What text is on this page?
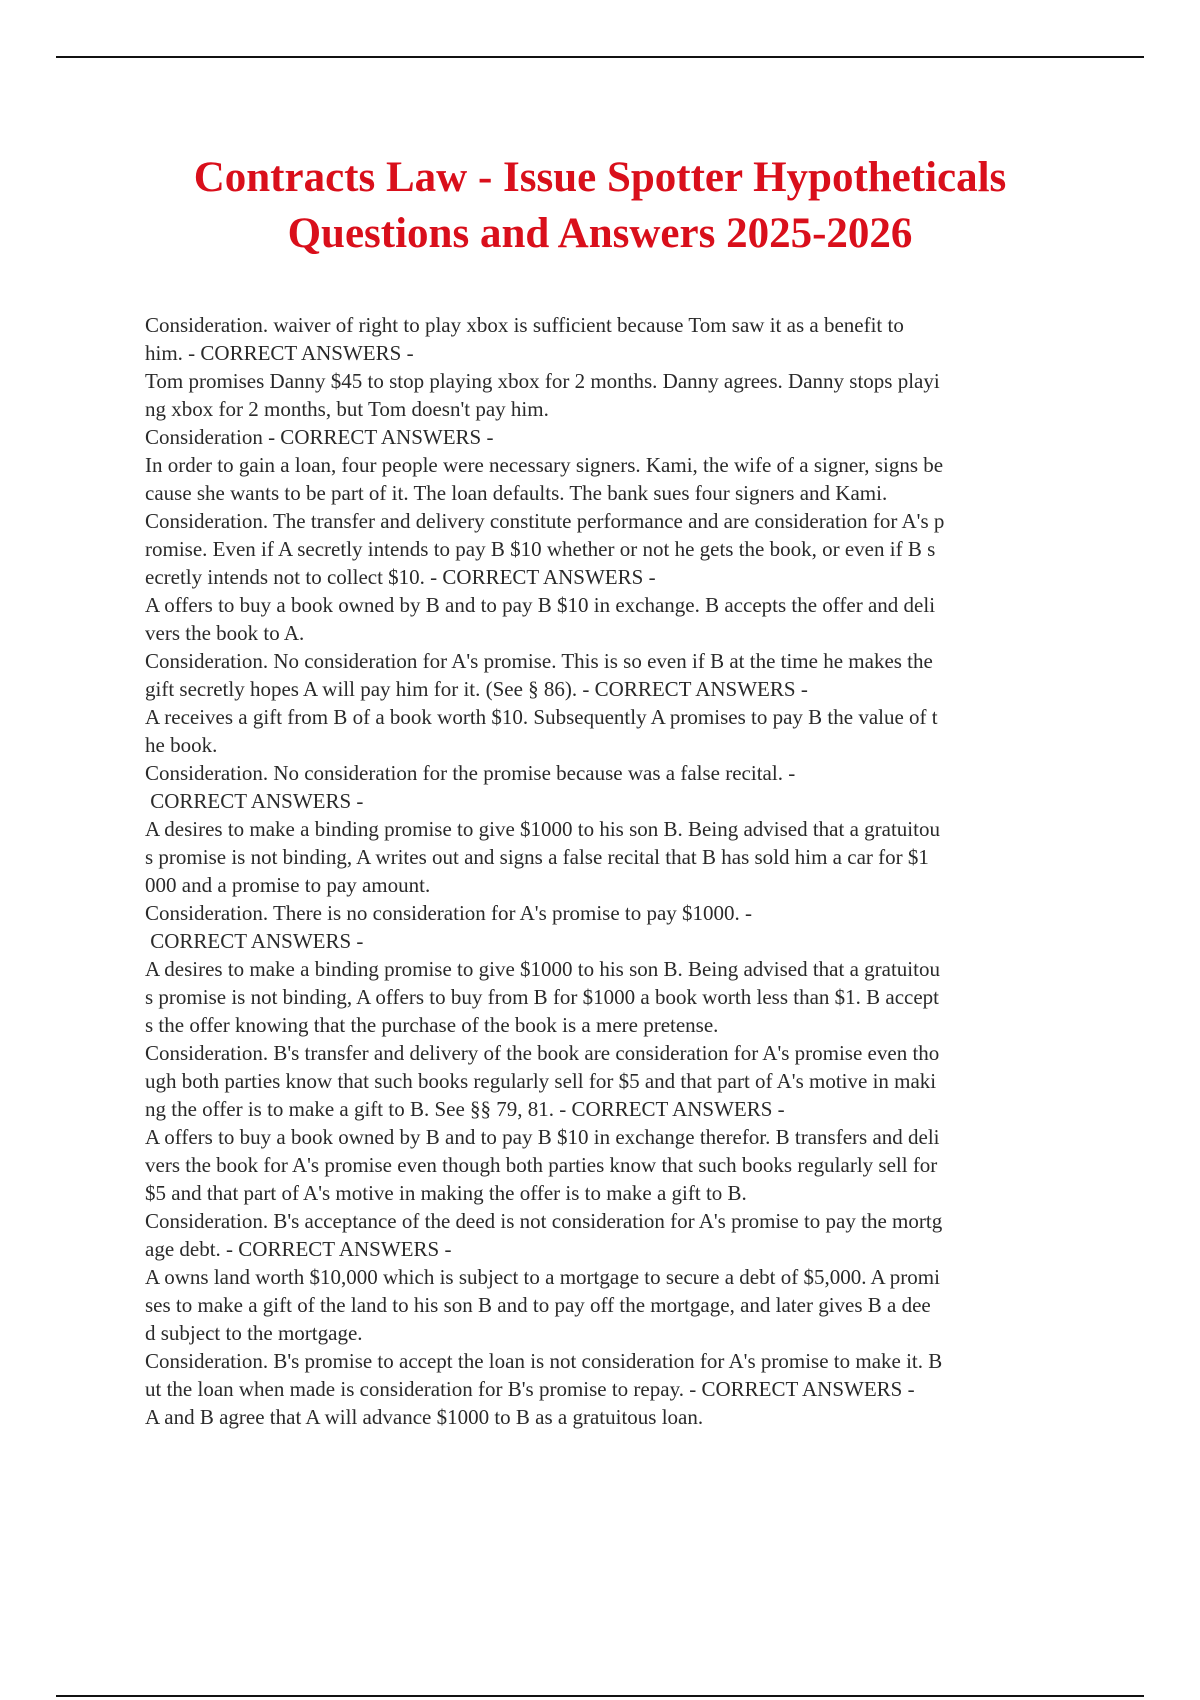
Contracts Law - Issue Spotter Hypotheticals
Questions and Answers 2025-2026
Consideration. waiver of right to play xbox is sufficient because Tom saw it as a benefit to
him. - CORRECT ANSWERS -
Tom promises Danny $45 to stop playing xbox for 2 months. Danny agrees. Danny stops playi
ng xbox for 2 months, but Tom doesn't pay him.
Consideration - CORRECT ANSWERS -
In order to gain a loan, four people were necessary signers. Kami, the wife of a signer, signs be
cause she wants to be part of it. The loan defaults. The bank sues four signers and Kami.
Consideration. The transfer and delivery constitute performance and are consideration for A's p
romise. Even if A secretly intends to pay B $10 whether or not he gets the book, or even if B s
ecretly intends not to collect $10. - CORRECT ANSWERS -
A offers to buy a book owned by B and to pay B $10 in exchange. B accepts the offer and deli
vers the book to A.
Consideration. No consideration for A's promise. This is so even if B at the time he makes the
gift secretly hopes A will pay him for it. (See § 86). - CORRECT ANSWERS -
A receives a gift from B of a book worth $10. Subsequently A promises to pay B the value of t
he book.
Consideration. No consideration for the promise because was a false recital. -
CORRECT ANSWERS -
A desires to make a binding promise to give $1000 to his son B. Being advised that a gratuitou
s promise is not binding, A writes out and signs a false recital that B has sold him a car for $1
000 and a promise to pay amount.
Consideration. There is no consideration for A's promise to pay $1000. -
CORRECT ANSWERS -
A desires to make a binding promise to give $1000 to his son B. Being advised that a gratuitou
s promise is not binding, A offers to buy from B for $1000 a book worth less than $1. B accept
s the offer knowing that the purchase of the book is a mere pretense.
Consideration. B's transfer and delivery of the book are consideration for A's promise even tho
ugh both parties know that such books regularly sell for $5 and that part of A's motive in maki
ng the offer is to make a gift to B. See §§ 79, 81. - CORRECT ANSWERS -
A offers to buy a book owned by B and to pay B $10 in exchange therefor. B transfers and deli
vers the book for A's promise even though both parties know that such books regularly sell for
$5 and that part of A's motive in making the offer is to make a gift to B.
Consideration. B's acceptance of the deed is not consideration for A's promise to pay the mortg
age debt. - CORRECT ANSWERS -
A owns land worth $10,000 which is subject to a mortgage to secure a debt of $5,000. A promi
ses to make a gift of the land to his son B and to pay off the mortgage, and later gives B a dee
d subject to the mortgage.
Consideration. B's promise to accept the loan is not consideration for A's promise to make it. B
ut the loan when made is consideration for B's promise to repay. - CORRECT ANSWERS -
A and B agree that A will advance $1000 to B as a gratuitous loan.
